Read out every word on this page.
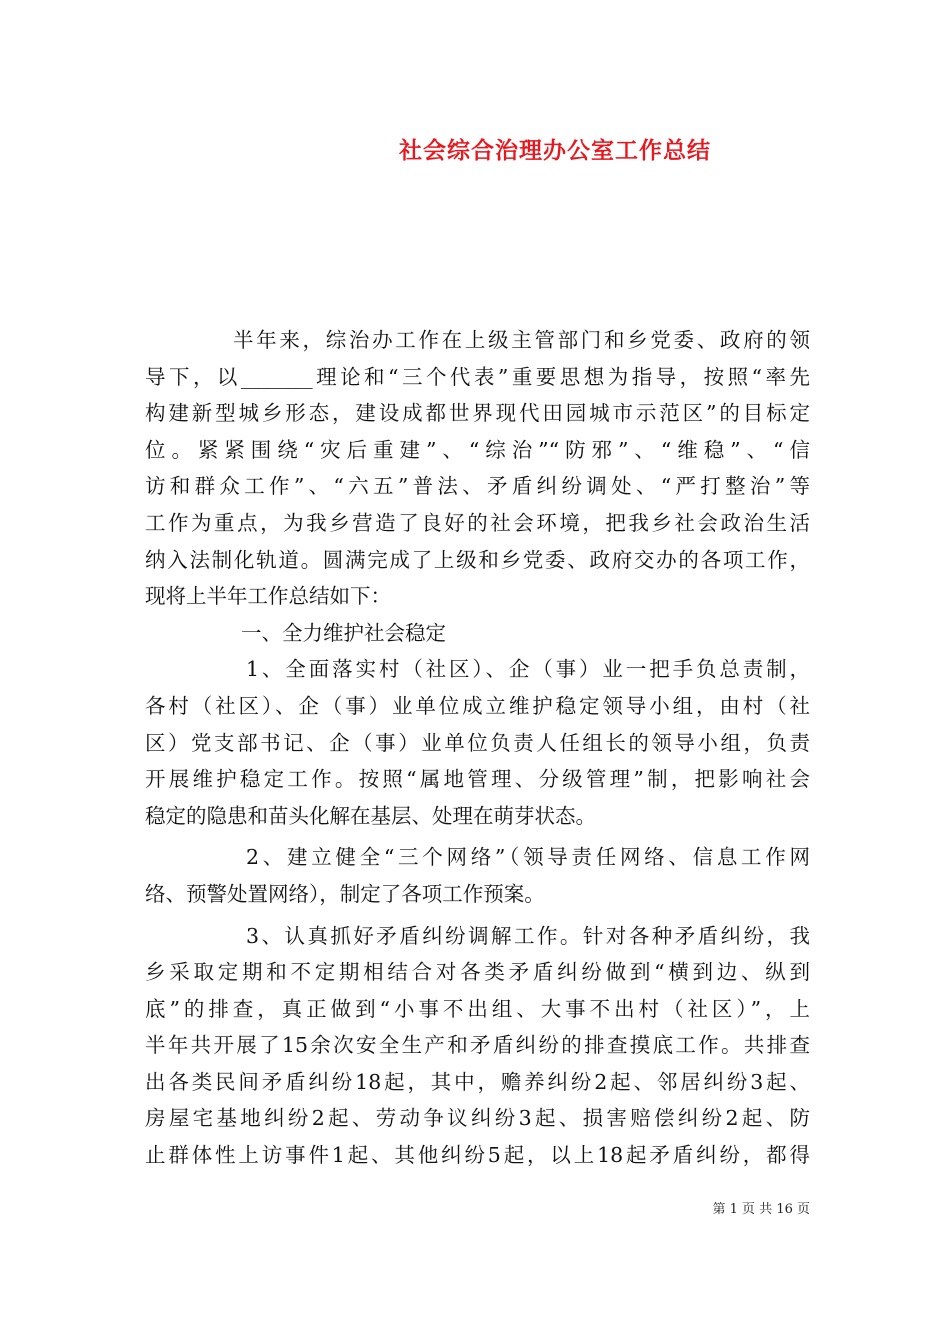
社会综合治理办公室工作总结
半年来，综治办工作在上级主管部门和乡党委、政府的领
导下，以_______理论和“三个代表”重要思想为指导，按照“率先
构建新型城乡形态，建设成都世界现代田园城市示范区”的目标定
位。紧紧围绕“灾后重建”、“综治”“防邪”、“维稳”、“信
访和群众工作”、“六五”普法、矛盾纠纷调处、“严打整治”等
工作为重点，为我乡营造了良好的社会环境，把我乡社会政治生活
纳入法制化轨道。圆满完成了上级和乡党委、政府交办的各项工作，
现将上半年工作总结如下：
一、全力维护社会稳定
1、全面落实村（社区）、企（事）业一把手负总责制，
各村（社区）、企（事）业单位成立维护稳定领导小组，由村（社
区）党支部书记、企（事）业单位负责人任组长的领导小组，负责
开展维护稳定工作。按照“属地管理、分级管理”制，把影响社会
稳定的隐患和苗头化解在基层、处理在萌芽状态。
2、建立健全“三个网络”（领导责任网络、信息工作网
络、预警处置网络），制定了各项工作预案。
3、认真抓好矛盾纠纷调解工作。针对各种矛盾纠纷，我
乡采取定期和不定期相结合对各类矛盾纠纷做到“横到边、纵到
底”的排查，真正做到“小事不出组、大事不出村（社区）”，上
半年共开展了15余次安全生产和矛盾纠纷的排查摸底工作。共排查
出各类民间矛盾纠纷18起，其中，赡养纠纷2起、邻居纠纷3起、
房屋宅基地纠纷2起、劳动争议纠纷3起、损害赔偿纠纷2起、防
止群体性上访事件1起、其他纠纷5起，以上18起矛盾纠纷，都得
第 1 页 共 16 页
